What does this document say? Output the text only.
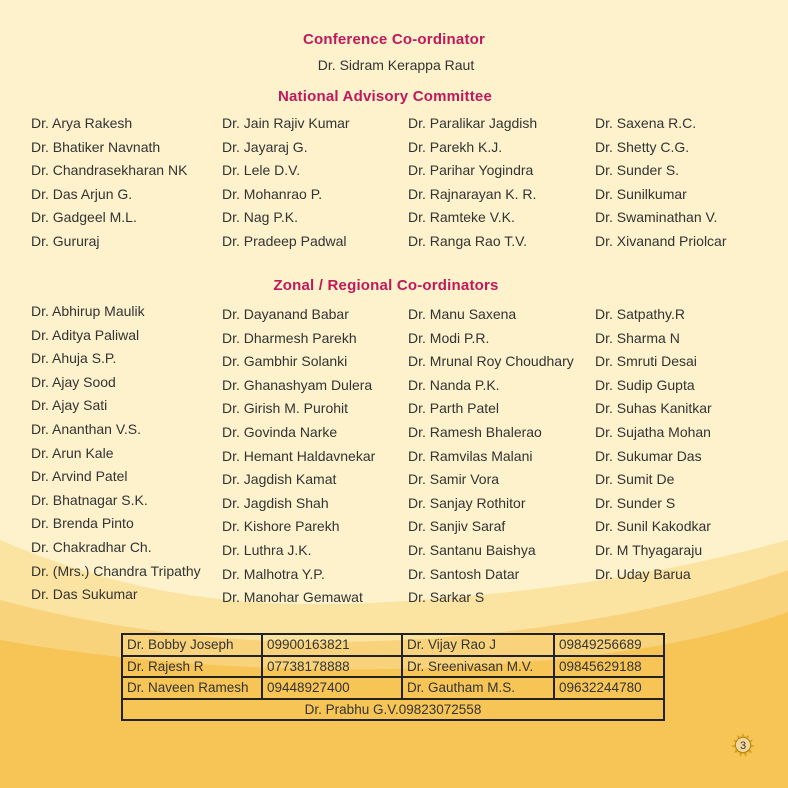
Conference Co-ordinator
Dr. Sidram Kerappa Raut
National Advisory Committee
Dr. Arya Rakesh
Dr. Bhatiker Navnath
Dr. Chandrasekharan NK
Dr. Das Arjun G.
Dr. Gadgeel M.L.
Dr. Gururaj
Dr. Jain Rajiv Kumar
Dr. Jayaraj G.
Dr. Lele D.V.
Dr. Mohanrao P.
Dr. Nag P.K.
Dr. Pradeep Padwal
Dr. Paralikar Jagdish
Dr. Parekh K.J.
Dr. Parihar Yogindra
Dr. Rajnarayan K. R.
Dr. Ramteke V.K.
Dr. Ranga Rao T.V.
Dr. Saxena R.C.
Dr. Shetty C.G.
Dr. Sunder S.
Dr. Sunilkumar
Dr. Swaminathan V.
Dr. Xivanand Priolcar
Zonal / Regional Co-ordinators
Dr. Abhirup Maulik
Dr. Aditya Paliwal
Dr. Ahuja S.P.
Dr. Ajay Sood
Dr. Ajay Sati
Dr. Ananthan V.S.
Dr. Arun Kale
Dr. Arvind Patel
Dr. Bhatnagar S.K.
Dr. Brenda Pinto
Dr. Chakradhar Ch.
Dr. (Mrs.) Chandra Tripathy
Dr. Das Sukumar
Dr. Dayanand Babar
Dr. Dharmesh Parekh
Dr. Gambhir Solanki
Dr. Ghanashyam Dulera
Dr. Girish M. Purohit
Dr. Govinda Narke
Dr. Hemant Haldavnekar
Dr. Jagdish Kamat
Dr. Jagdish Shah
Dr. Kishore Parekh
Dr. Luthra J.K.
Dr. Malhotra Y.P.
Dr. Manohar Gemawat
Dr. Manu Saxena
Dr. Modi P.R.
Dr. Mrunal Roy Choudhary
Dr. Nanda P.K.
Dr. Parth Patel
Dr. Ramesh Bhalerao
Dr. Ramvilas Malani
Dr. Samir Vora
Dr. Sanjay Rothitor
Dr. Sanjiv Saraf
Dr. Santanu Baishya
Dr. Santosh Datar
Dr. Sarkar S
Dr. Satpathy.R
Dr. Sharma N
Dr. Smruti Desai
Dr. Sudip Gupta
Dr. Suhas Kanitkar
Dr. Sujatha Mohan
Dr. Sukumar Das
Dr. Sumit De
Dr. Sunder S
Dr. Sunil Kakodkar
Dr. M Thyagaraju
Dr. Uday Barua
Dr. Bobby Joseph	09900163821	Dr. Vijay Rao J	09849256689
Dr. Rajesh R	07738178888	Dr. Sreenivasan M.V.	09845629188
Dr. Naveen Ramesh	09448927400	Dr. Gautham M.S.	09632244780
Dr. Prabhu G.V.09823072558			
3
